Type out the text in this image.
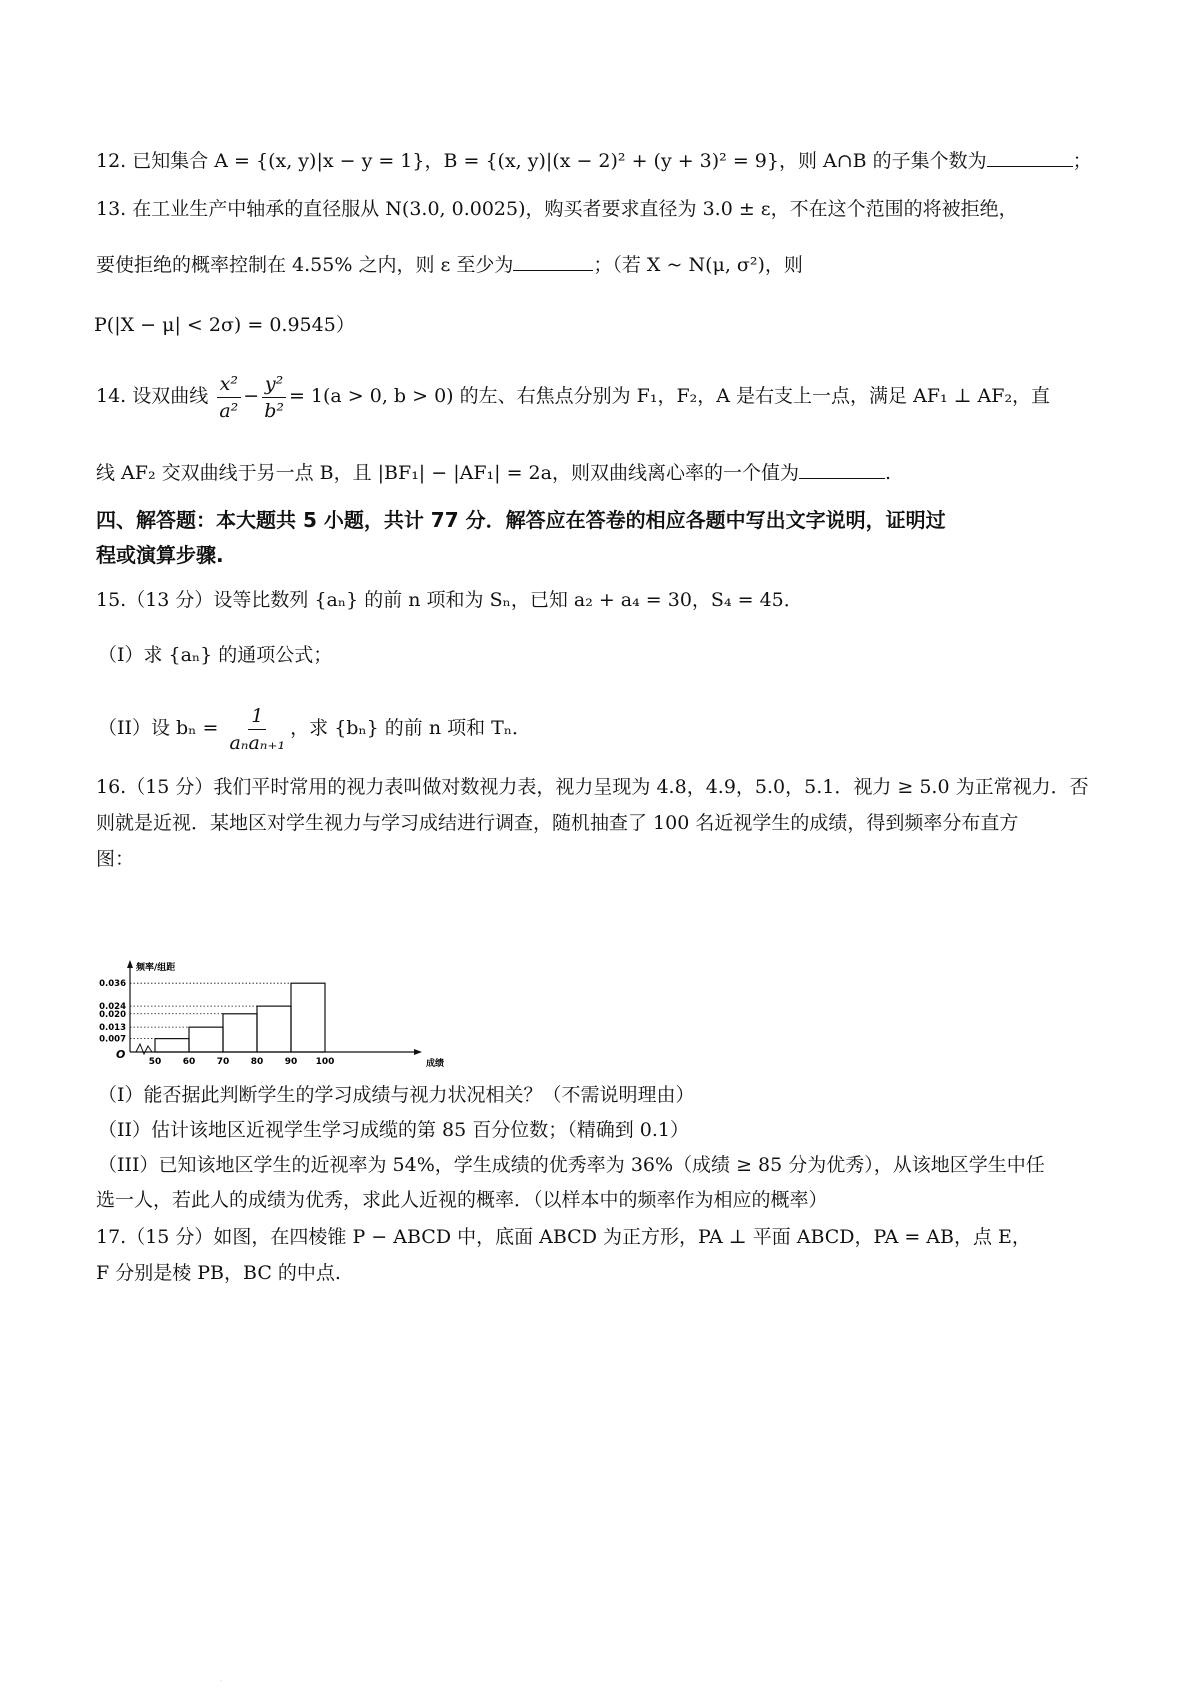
12. 已知集合 A = {(x, y)|x − y = 1}，B = {(x, y)|(x − 2)² + (y + 3)² = 9}，则 A∩B 的子集个数为	；
13. 在工业生产中轴承的直径服从 N(3.0, 0.0025)，购买者要求直径为 3.0 ± ε，不在这个范围的将被拒绝，
要使拒绝的概率控制在 4.55% 之内，则 ε 至少为	；（若 X ~ N(μ, σ²)，则
P(|X − μ| < 2σ) = 0.9545）
14. 设双曲线 $\frac{\text{x²}}{\text{a²}} - \frac{\text{y²}}{\text{b²}} = 1(a > 0$, b > 0) 的左、右焦点分别为 F₁，F₂，A 是右支上一点，满足 AF₁ ⊥ AF₂，直
线 AF₂ 交双曲线于另一点 B，且 |BF₁| − |AF₁| = 2a，则双曲线离心率的一个值为	.
四、解答题：本大题共 5 小题，共计 77 分．解答应在答卷的相应各题中写出文字说明，证明过
程或演算步骤.
15.（13 分）设等比数列 {aₙ} 的前 n 项和为 Sₙ，已知 a₂ + a₄ = 30，S₄ = 45．
（I）求 {aₙ} 的通项公式；
（II）设 $b_n = \frac{1}{\text{aₙaₙ₊₁}}$ ，求 {bₙ} 的前 n 项和 Tₙ．
16.（15 分）我们平时常用的视力表叫做对数视力表，视力呈现为 4.8，4.9，5.0，5.1．视力 ≥ 5.0 为正常视力．否
则就是近视．某地区对学生视力与学习成结进行调查，随机抽查了 100 名近视学生的成绩，得到频率分布直方
图：
频率/组距
成绩
O
50 60 70 80 90 100
0.036
0.024
0.020
0.013
0.007
（I）能否据此判断学生的学习成绩与视力状况相关？（不需说明理由）
（II）估计该地区近视学生学习成缆的第 85 百分位数；（精确到 0.1）
（III）已知该地区学生的近视率为 54%，学生成绩的优秀率为 36%（成绩 ≥ 85 分为优秀），从该地区学生中任
选一人，若此人的成绩为优秀，求此人近视的概率．（以样本中的频率作为相应的概率）
17.（15 分）如图，在四棱锥 P − ABCD 中，底面 ABCD 为正方形，PA ⊥ 平面 ABCD，PA = AB，点 E，
F 分别是棱 PB，BC 的中点.
·
